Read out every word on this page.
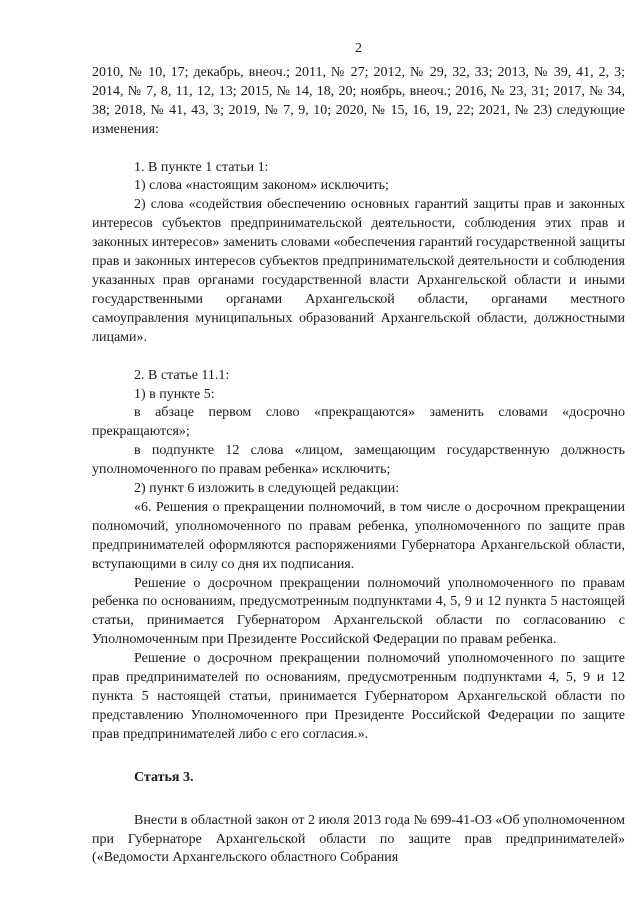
2

2010, № 10, 17; декабрь, внеоч.; 2011, № 27; 2012, № 29, 32, 33; 2013, № 39, 41, 2, 3; 2014, № 7, 8, 11, 12, 13; 2015, № 14, 18, 20; ноябрь, внеоч.; 2016, № 23, 31; 2017, № 34, 38; 2018, № 41, 43, 3; 2019, № 7, 9, 10; 2020, № 15, 16, 19, 22; 2021, № 23) следующие изменения:

1. В пункте 1 статьи 1:

1) слова «настоящим законом» исключить;

2) слова «содействия обеспечению основных гарантий защиты прав и законных интересов субъектов предпринимательской деятельности, соблюдения этих прав и законных интересов» заменить словами «обеспечения гарантий государственной защиты прав и законных интересов субъектов предпринимательской деятельности и соблюдения указанных прав органами государственной власти Архангельской области и иными государственными органами Архангельской области, органами местного самоуправления муниципальных образований Архангельской области, должностными лицами».

2. В статье 11.1:

1) в пункте 5:

в абзаце первом слово «прекращаются» заменить словами «досрочно прекращаются»;

в подпункте 12 слова «лицом, замещающим государственную должность уполномоченного по правам ребенка» исключить;

2) пункт 6 изложить в следующей редакции:

«6. Решения о прекращении полномочий, в том числе о досрочном прекращении полномочий, уполномоченного по правам ребенка, уполномоченного по защите прав предпринимателей оформляются распоряжениями Губернатора Архангельской области, вступающими в силу со дня их подписания.

Решение о досрочном прекращении полномочий уполномоченного по правам ребенка по основаниям, предусмотренным подпунктами 4, 5, 9 и 12 пункта 5 настоящей статьи, принимается Губернатором Архангельской области по согласованию с Уполномоченным при Президенте Российской Федерации по правам ребенка.

Решение о досрочном прекращении полномочий уполномоченного по защите прав предпринимателей по основаниям, предусмотренным подпунктами 4, 5, 9 и 12 пункта 5 настоящей статьи, принимается Губернатором Архангельской области по представлению Уполномоченного при Президенте Российской Федерации по защите прав предпринимателей либо с его согласия.».

Статья 3.

Внести в областной закон от 2 июля 2013 года № 699-41-ОЗ «Об уполномоченном при Губернаторе Архангельской области по защите прав предпринимателей» («Ведомости Архангельского областного Собрания
